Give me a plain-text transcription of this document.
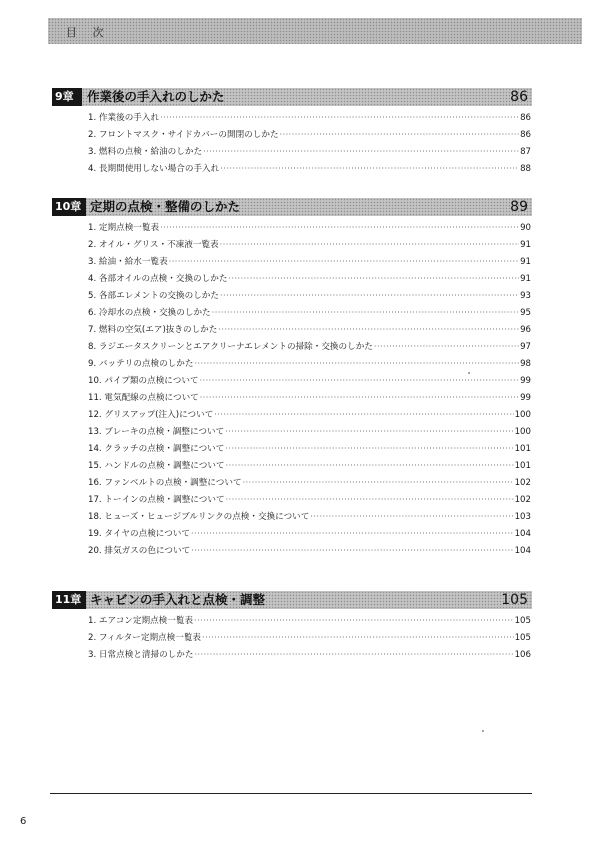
目 次
9章	作業後の手入れのしかた	86
1. 作業後の手入れ ·····	86
2. フロントマスク・サイドカバーの開閉のしかた ·····	86
3. 燃料の点検・給油のしかた ·····	87
4. 長期間使用しない場合の手入れ ·····	88
10章 定期の点検・整備のしかた	89
1. 定期点検一覧表 ·····	90
2. オイル・グリス・不凍液一覧表 ·····	91
3. 給油・給水一覧表 ·····	91
4. 各部オイルの点検・交換のしかた ·····	91
5. 各部エレメントの交換のしかた ·····	93
6. 冷却水の点検・交換のしかた ·····	95
7. 燃料の空気(エア)抜きのしかた ·····	96
8. ラジエータスクリーンとエアクリーナエレメントの掃除・交換のしかた ·····	97
9. バッテリの点検のしかた ·····	98
10. パイプ類の点検について ·····	99
11. 電気配線の点検について ·····	99
12. グリスアップ(注入)について ·····	100
13. ブレーキの点検・調整について ·····	100
14. クラッチの点検・調整について ·····	101
15. ハンドルの点検・調整について ·····	101
16. ファンベルトの点検・調整について ·····	102
17. トーインの点検・調整について ·····	102
18. ヒューズ・ヒュージブルリンクの点検・交換について ·····	103
19. タイヤの点検について ·····	104
20. 排気ガスの色について ·····	104
11章 キャビンの手入れと点検・調整	105
1. エアコン定期点検一覧表 ·····	105
2. フィルター定期点検一覧表 ·····	105
3. 日常点検と清掃のしかた ·····	106
6
